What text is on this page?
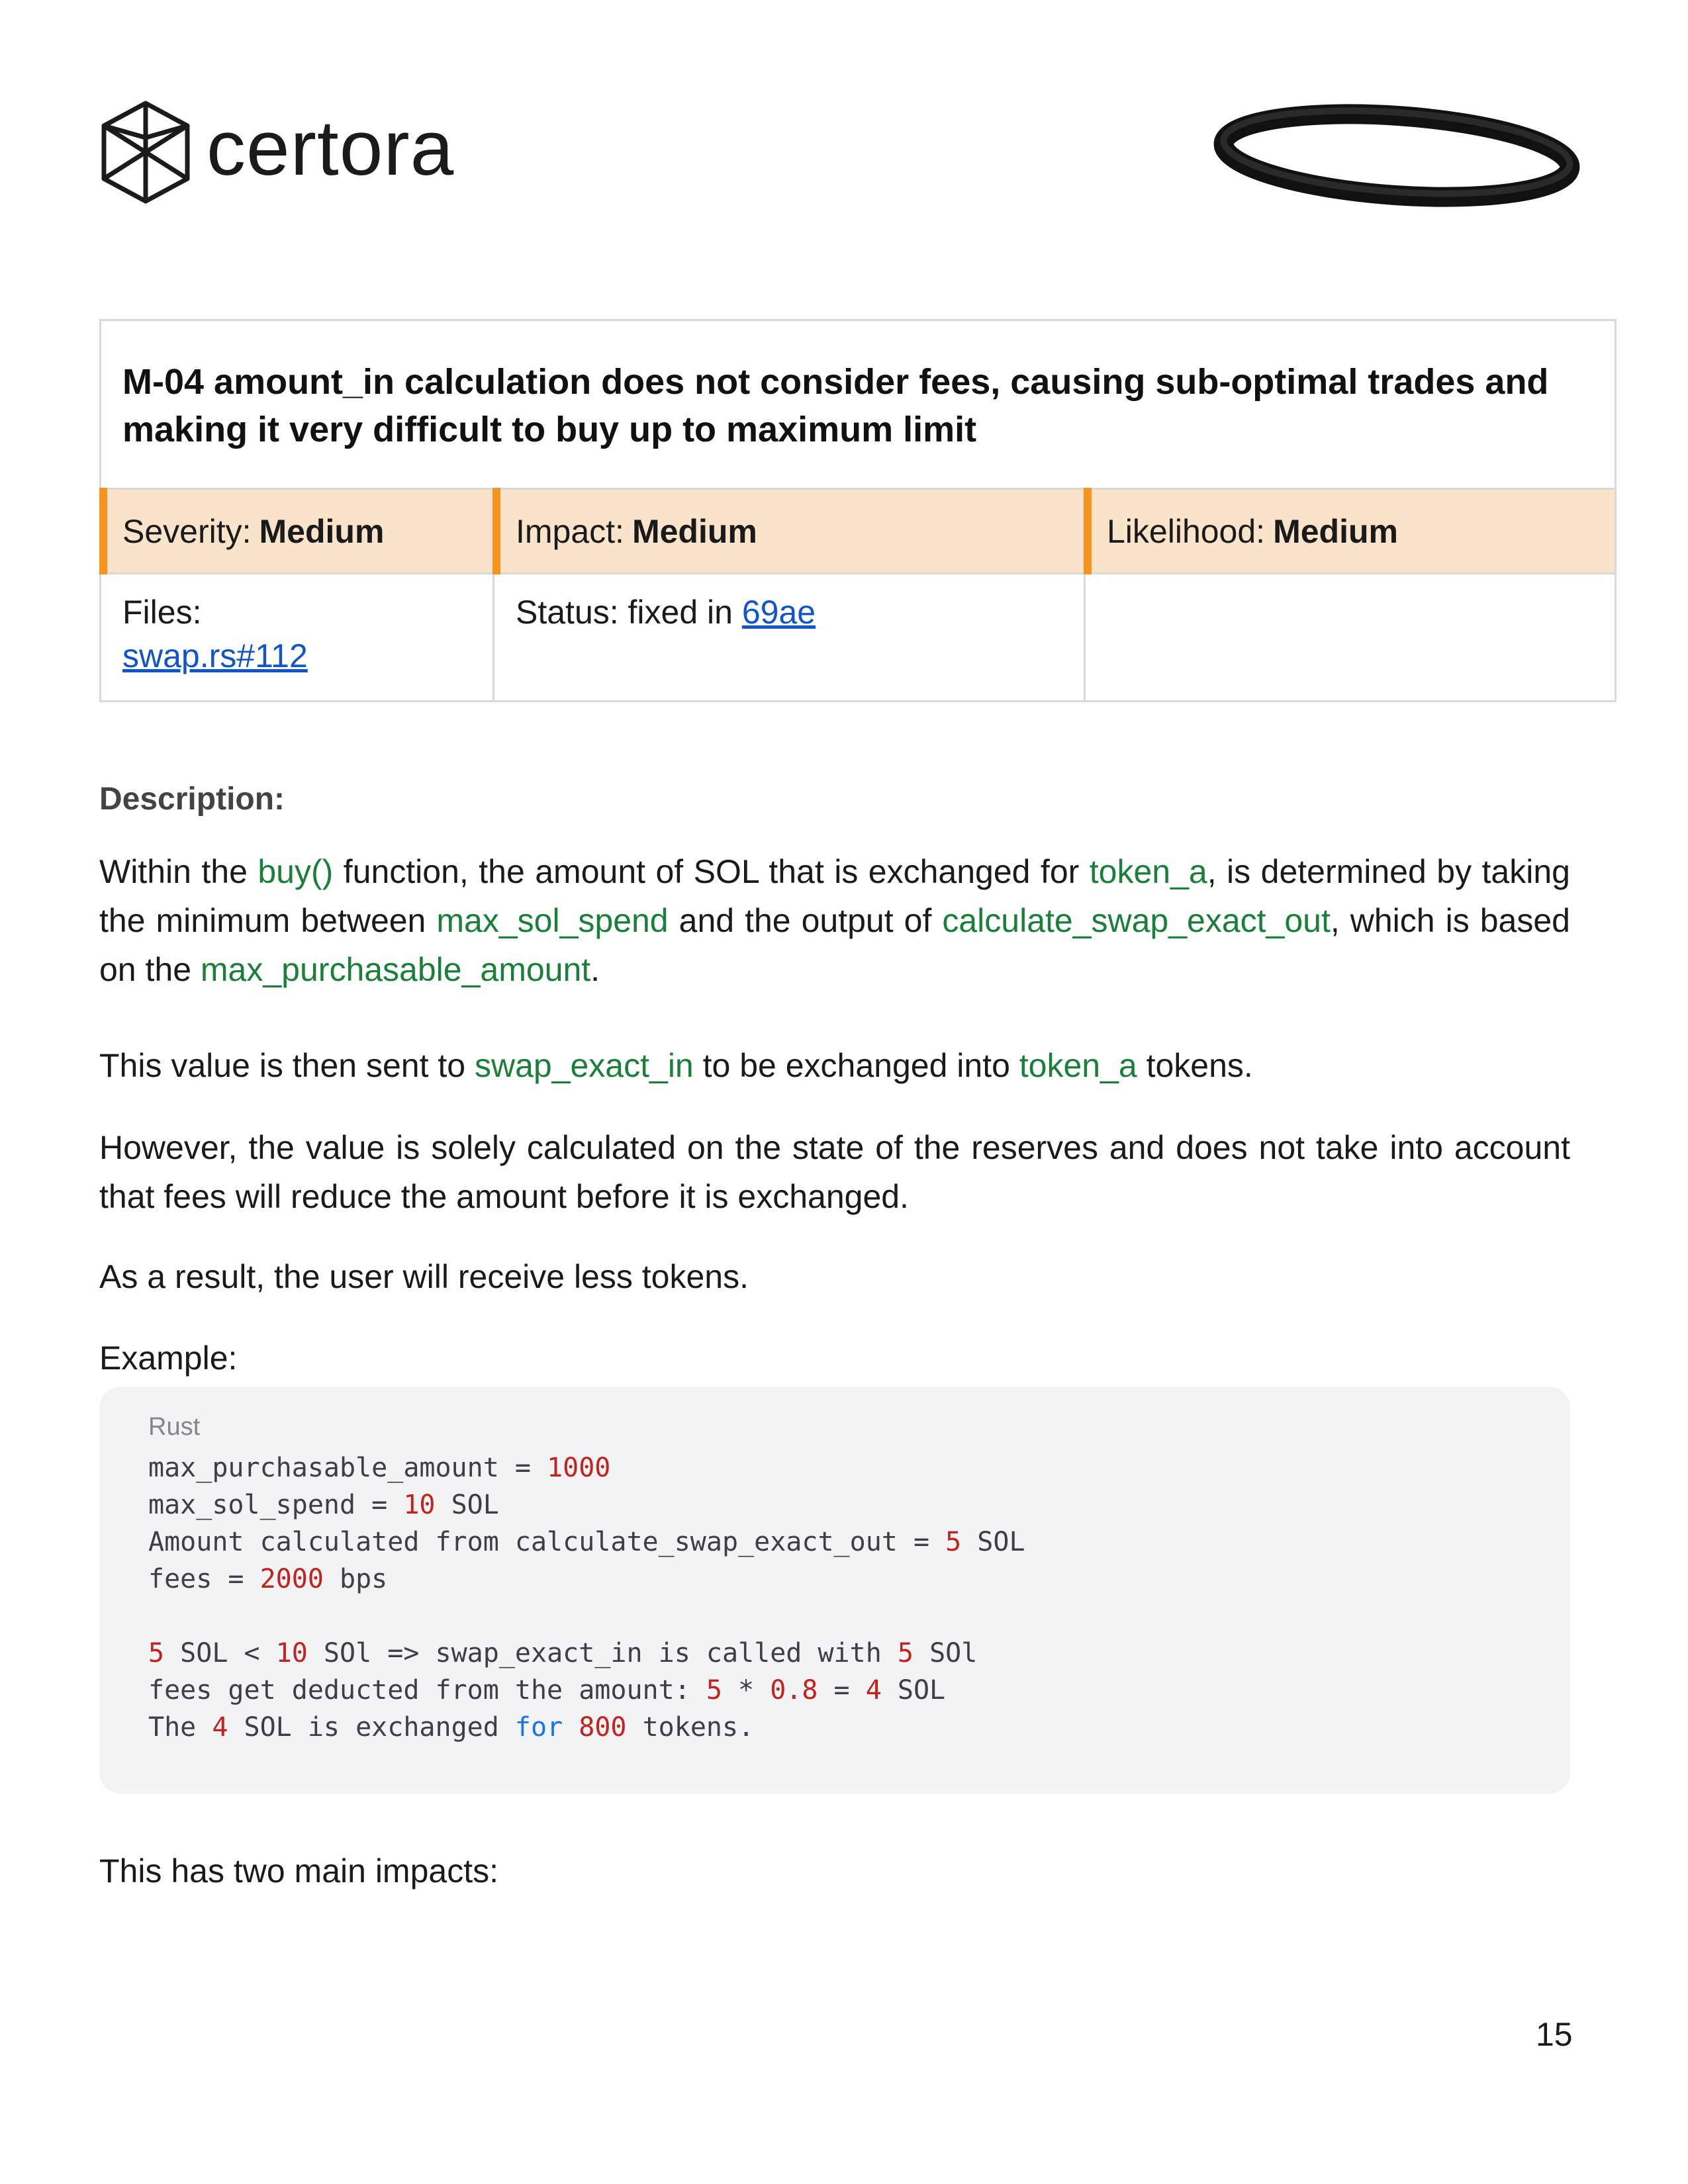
certora
M-04 amount_in calculation does not consider fees, causing sub-optimal trades and making it very difficult to buy up to maximum limit
Severity: Medium	Impact: Medium	Likelihood: Medium
Files:
swap.rs#112
Status: fixed in 69ae
Description:

Within the buy() function, the amount of SOL that is exchanged for token_a, is determined by taking the minimum between max_sol_spend and the output of calculate_swap_exact_out, which is based on the max_purchasable_amount.

This value is then sent to swap_exact_in to be exchanged into token_a tokens.

However, the value is solely calculated on the state of the reserves and does not take into account that fees will reduce the amount before it is exchanged.

As a result, the user will receive less tokens.

Example:

Rust
max_purchasable_amount = 1000
max_sol_spend = 10 SOL
Amount calculated from calculate_swap_exact_out = 5 SOL
fees = 2000 bps

5 SOL < 10 SOl => swap_exact_in is called with 5 SOl
fees get deducted from the amount: 5 * 0.8 = 4 SOL
The 4 SOL is exchanged for 800 tokens.

This has two main impacts:

15
